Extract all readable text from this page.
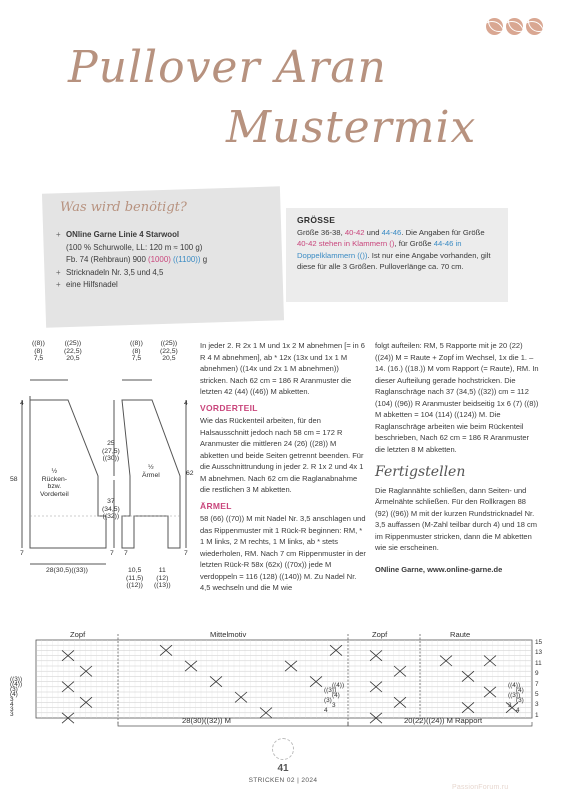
Pullover Aran
Mustermix
Was wird benötigt?
+ ONline Garne Linie 4 Starwool
(100 % Schurwolle, LL: 120 m ≈ 100 g)
Fb. 74 (Rehbraun) 900 (1000) ((1100)) g
+ Stricknadeln Nr. 3,5 und 4,5
+ eine Hilfsnadel
GRÖSSE
Größe 36-38, 40-42 und 44-46. Die Angaben für Größe 40-42 stehen in Klammern (), für Größe 44-46 in Doppelklammern (()). Ist nur eine Angabe vorhanden, gilt diese für alle 3 Größen. Pulloverlänge ca. 70 cm.
((8))
(8)
7,5
((25))
(22,5)
20,5
((8))
(8)
7,5
((25))
(22,5)
20,5
4	4
25
(27,5)
((30))
58
62
½
Rücken-
bzw.
Vorderteil
½
Ärmel
37
(34,5)
((32))
7	7 7	7
28(30,5)((33))	10,5
(11,5)
((12))
11
(12)
((13))

In jeder 2. R 2x 1 M und 1x 2 M abnehmen [= in 6 R 4 M abnehmen], ab * 12x (13x und 1x 1 M abnehmen) ((14x und 2x 1 M abnehmen)) stricken. Nach 62 cm = 186 R Aranmuster die letzten 42 (44) ((46)) M abketten.

VORDERTEIL

Wie das Rückenteil arbeiten, für den Halsausschnitt jedoch nach 58 cm = 172 R Aranmuster die mittleren 24 (26) ((28)) M abketten und beide Seiten getrennt beenden. Für die Ausschnittrundung in jeder 2. R 1x 2 und 4x 1 M abnehmen. Nach 62 cm die Raglanabnahme die restlichen 3 M abketten.

ÄRMEL

58 (66) ((70)) M mit Nadel Nr. 3,5 anschlagen und das Rippenmuster mit 1 Rück-R beginnen: RM, * 1 M links, 2 M rechts, 1 M links, ab * stets wiederholen, RM. Nach 7 cm Rippenmuster in der letzten Rück-R 58x (62x) ((70x)) jede M verdoppeln = 116 (128) ((140)) M. Zu Nadel Nr. 4,5 wechseln und die M wie

folgt aufteilen: RM, 5 Rapporte mit je 20 (22) ((24)) M = Raute + Zopf im Wechsel, 1x die 1. – 14. (16.) ((18.)) M vom Rapport (= Raute), RM. In dieser Aufteilung gerade hochstricken. Die Raglanschräge nach 37 (34,5) ((32)) cm = 112 (104) ((96)) R Aranmuster beidseitig 1x 6 (7) ((8)) M abketten = 104 (114) ((124)) M. Die Raglanschräge arbeiten wie beim Rückenteil beschrieben, Nach 62 cm = 186 R Aranmuster die letzten 8 M abketten.

Fertigstellen

Die Raglannähte schließen, dann Seiten- und Ärmelnähte schließen. Für den Rollkragen 88 (92) ((96)) M mit der kurzen Rundstricknadel Nr. 3,5 auffassen (M-Zahl teilbar durch 4) und 18 cm im Rippenmuster stricken, dann die M abketten wie sie erscheinen.

ONline Garne, www.online-garne.de
Zopf	Mittelmotiv	Zopf	Raute
15
13
11
9
7
5
3
1
((3))
((4))
(3)
(4)
3
4
3
3
((4))
((3))
(4)
(3)
3
4
((4))
(4)
((3))
(3)
3
4
28(30)((32)) M	20(22)((24)) M Rapport
41
STRICKEN 02 | 2024
PassionForum.ru
